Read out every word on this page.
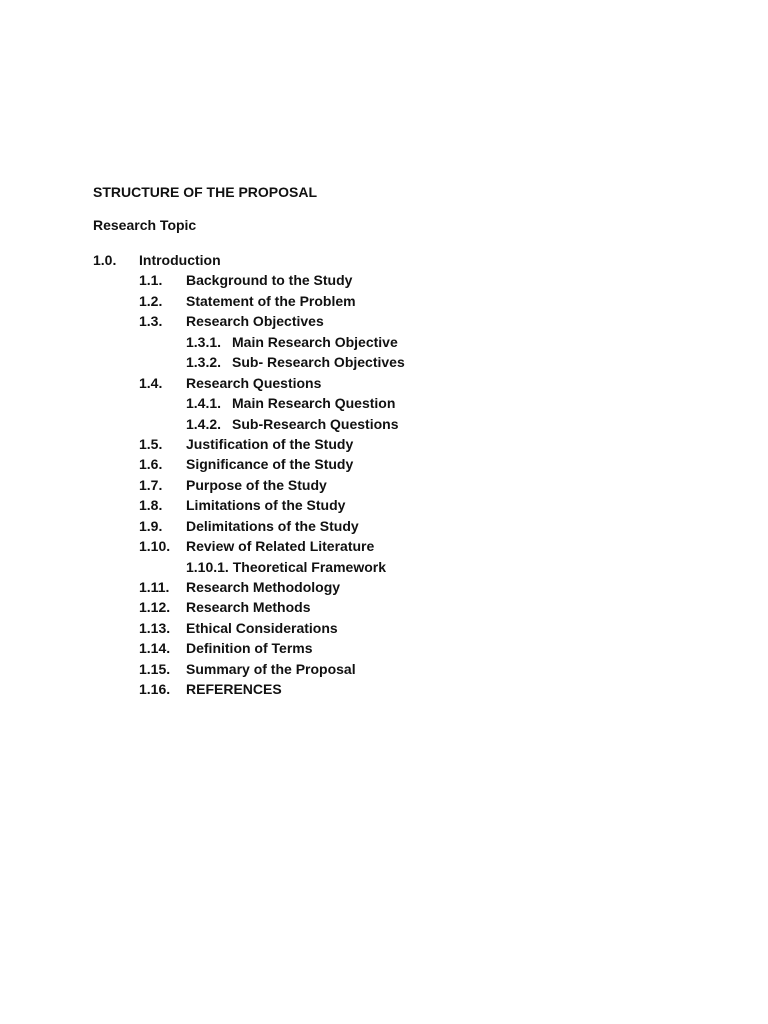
STRUCTURE OF THE PROPOSAL

Research Topic

1.0. Introduction
1.1. Background to the Study
1.2. Statement of the Problem
1.3. Research Objectives
1.3.1. Main Research Objective
1.3.2. Sub- Research Objectives
1.4. Research Questions
1.4.1. Main Research Question
1.4.2. Sub-Research Questions
1.5. Justification of the Study
1.6. Significance of the Study
1.7. Purpose of the Study
1.8. Limitations of the Study
1.9. Delimitations of the Study
1.10. Review of Related Literature
1.10.1. Theoretical Framework
1.11. Research Methodology
1.12. Research Methods
1.13. Ethical Considerations
1.14. Definition of Terms
1.15. Summary of the Proposal
1.16. REFERENCES
